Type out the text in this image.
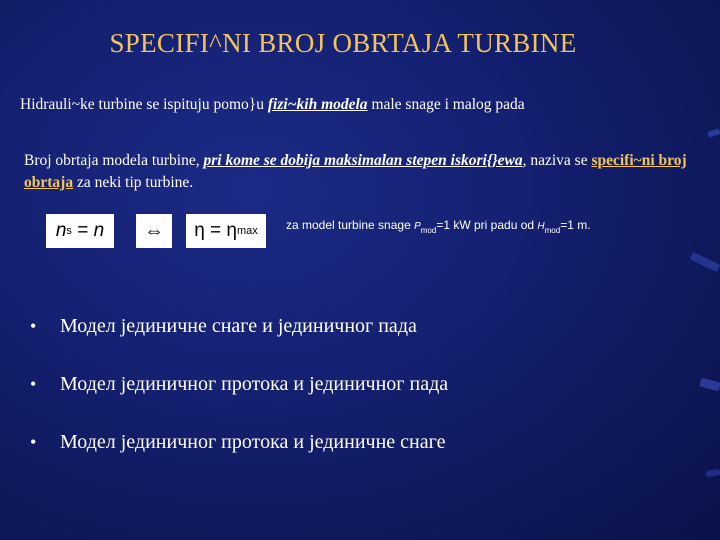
SPECIFI^NI BROJ OBRTAJA TURBINE
Hidrauli~ke turbine se ispituju pomo}u fizi~kih modela male snage i malog pada
Broj obrtaja modela turbine, pri kome se dobija maksimalan stepen iskori{}ewa, naziva se specifi~ni broj obrtaja za neki tip turbine.
n s = n ⇔ η = η max za model turbine snage $P_{mod}=1$ kW pri padu od $H_{mod}=1$ m.
•	Модел јединичне снаге и јединичног пада
•	Модел јединичног протока и јединичног пада
•	Модел јединичног протока и јединичне снаге
